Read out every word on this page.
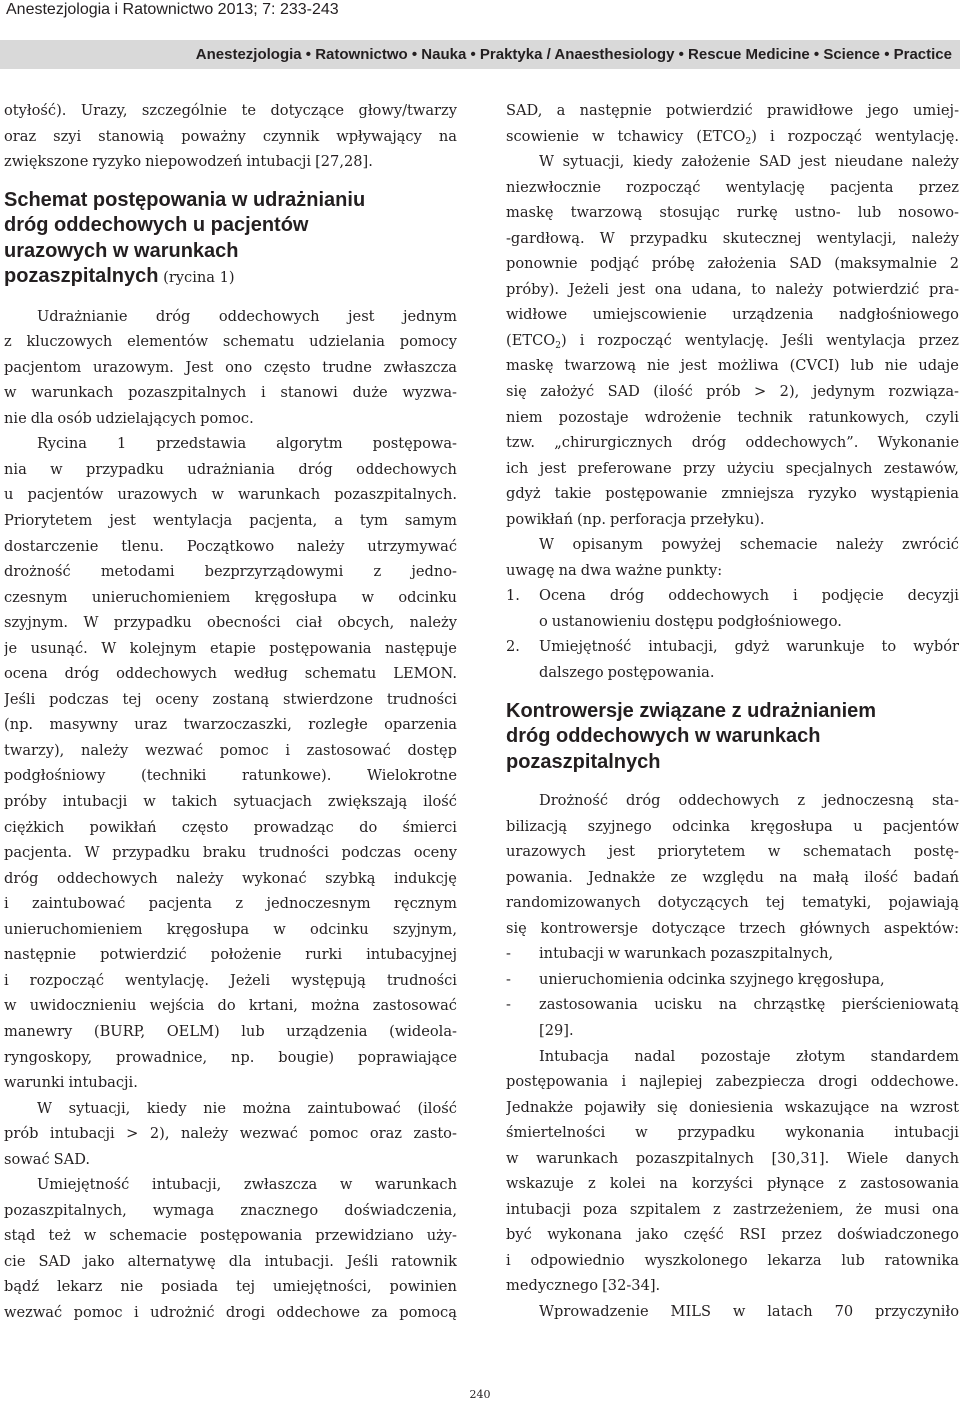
Anestezjologia i Ratownictwo 2013; 7: 233-243
Anestezjologia • Ratownictwo • Nauka • Praktyka / Anaesthesiology • Rescue Medicine • Science • Practice
otyłość). Urazy, szczególnie te dotyczące głowy/twarzy
oraz szyi stanowią poważny czynnik wpływający na
zwiększone ryzyko niepowodzeń intubacji [27,28].
Schemat postępowania w udrażnianiu
dróg oddechowych u pacjentów
urazowych w warunkach
pozaszpitalnych (rycina 1)
Udrażnianie dróg oddechowych jest jednym
z kluczowych elementów schematu udzielania pomocy
pacjentom urazowym. Jest ono często trudne zwłaszcza
w warunkach pozaszpitalnych i stanowi duże wyzwa-
nie dla osób udzielających pomoc.
Rycina 1 przedstawia algorytm postępowa-
nia w przypadku udrażniania dróg oddechowych
u pacjentów urazowych w warunkach pozaszpitalnych.
Priorytetem jest wentylacja pacjenta, a tym samym
dostarczenie tlenu. Początkowo należy utrzymywać
drożność metodami bezprzyrządowymi z jedno-
czesnym unieruchomieniem kręgosłupa w odcinku
szyjnym. W przypadku obecności ciał obcych, należy
je usunąć. W kolejnym etapie postępowania następuje
ocena dróg oddechowych według schematu LEMON.
Jeśli podczas tej oceny zostaną stwierdzone trudności
(np. masywny uraz twarzoczaszki, rozległe oparzenia
twarzy), należy wezwać pomoc i zastosować dostęp
podgłośniowy (techniki ratunkowe). Wielokrotne
próby intubacji w takich sytuacjach zwiększają ilość
ciężkich powikłań często prowadząc do śmierci
pacjenta. W przypadku braku trudności podczas oceny
dróg oddechowych należy wykonać szybką indukcję
i zaintubować pacjenta z jednoczesnym ręcznym
unieruchomieniem kręgosłupa w odcinku szyjnym,
następnie potwierdzić położenie rurki intubacyjnej
i rozpocząć wentylację. Jeżeli występują trudności
w uwidocznieniu wejścia do krtani, można zastosować
manewry (BURP, OELM) lub urządzenia (wideola-
ryngoskopy, prowadnice, np. bougie) poprawiające
warunki intubacji.
W sytuacji, kiedy nie można zaintubować (ilość
prób intubacji > 2), należy wezwać pomoc oraz zasto-
sować SAD.
Umiejętność intubacji, zwłaszcza w warunkach
pozaszpitalnych, wymaga znacznego doświadczenia,
stąd też w schemacie postępowania przewidziano uży-
cie SAD jako alternatywę dla intubacji. Jeśli ratownik
bądź lekarz nie posiada tej umiejętności, powinien
wezwać pomoc i udrożnić drogi oddechowe za pomocą
SAD, a następnie potwierdzić prawidłowe jego umiej-
scowienie w tchawicy $(ETCO_2)$ i rozpocząć wentylację.
W sytuacji, kiedy założenie SAD jest nieudane należy
niezwłocznie rozpocząć wentylację pacjenta przez
maskę twarzową stosując rurkę ustno- lub nosowo-
-gardłową. W przypadku skutecznej wentylacji, należy
ponownie podjąć próbę założenia SAD (maksymalnie 2
próby). Jeżeli jest ona udana, to należy potwierdzić pra-
widłowe umiejscowienie urządzenia nadgłośniowego
$(ETCO_2)$ i rozpocząć wentylację. Jeśli wentylacja przez
maskę twarzową nie jest możliwa (CVCI) lub nie udaje
się założyć SAD (ilość prób > 2), jedynym rozwiąza-
niem pozostaje wdrożenie technik ratunkowych, czyli
tzw. „chirurgicznych dróg oddechowych”. Wykonanie
ich jest preferowane przy użyciu specjalnych zestawów,
gdyż takie postępowanie zmniejsza ryzyko wystąpienia
powikłań (np. perforacja przełyku).
W opisanym powyżej schemacie należy zwrócić
uwagę na dwa ważne punkty:
1.	Ocena dróg oddechowych i podjęcie decyzji
o ustanowieniu dostępu podgłośniowego.
2.	Umiejętność intubacji, gdyż warunkuje to wybór
dalszego postępowania.
Kontrowersje związane z udrażnianiem
dróg oddechowych w warunkach
pozaszpitalnych
Drożność dróg oddechowych z jednoczesną sta-
bilizacją szyjnego odcinka kręgosłupa u pacjentów
urazowych jest priorytetem w schematach postę-
powania. Jednakże ze względu na małą ilość badań
randomizowanych dotyczących tej tematyki, pojawiają
się kontrowersje dotyczące trzech głównych aspektów:
-	intubacji w warunkach pozaszpitalnych,
-	unieruchomienia odcinka szyjnego kręgosłupa,
-	zastosowania ucisku na chrząstkę pierścieniowatą
[29].
Intubacja nadal pozostaje złotym standardem
postępowania i najlepiej zabezpiecza drogi oddechowe.
Jednakże pojawiły się doniesienia wskazujące na wzrost
śmiertelności w przypadku wykonania intubacji
w warunkach pozaszpitalnych [30,31]. Wiele danych
wskazuje z kolei na korzyści płynące z zastosowania
intubacji poza szpitalem z zastrzeżeniem, że musi ona
być wykonana jako część RSI przez doświadczonego
i odpowiednio wyszkolonego lekarza lub ratownika
medycznego [32-34].
Wprowadzenie MILS w latach 70 przyczyniło
240
